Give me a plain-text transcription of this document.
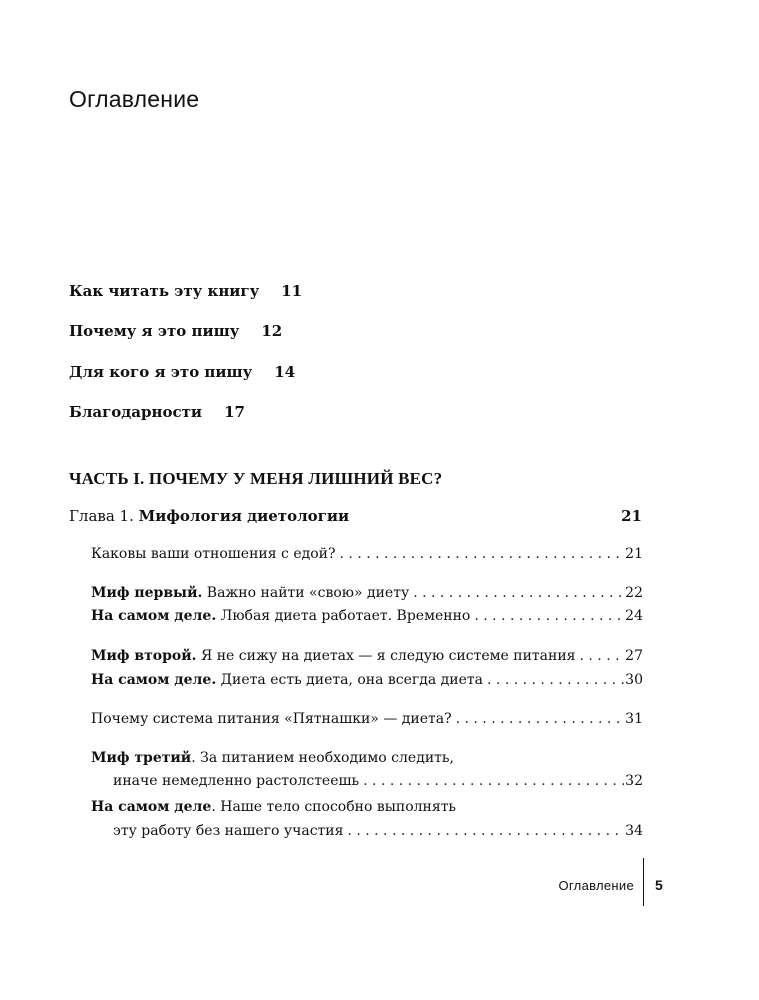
Оглавление
Как читать эту книгу 11
Почему я это пишу 12
Для кого я это пишу 14
Благодарности 17
ЧАСТЬ I. ПОЧЕМУ У МЕНЯ ЛИШНИЙ ВЕС?
Глава 1. Мифология диетологии	21
Каковы ваши отношения с едой? . . .	21
Миф первый. Важно найти «свою» диету . . .	22
На самом деле. Любая диета работает. Временно . . .	24
Миф второй. Я не сижу на диетах — я следую системе питания . . .	27
На самом деле. Диета есть диета, она всегда диета . . .	30
Почему система питания «Пятнашки» — диета? . . .	31
Миф третий. За питанием необходимо следить,
иначе немедленно растолстеешь . . .	32
На самом деле. Наше тело способно выполнять
эту работу без нашего участия . . .	34
Оглавление 5
